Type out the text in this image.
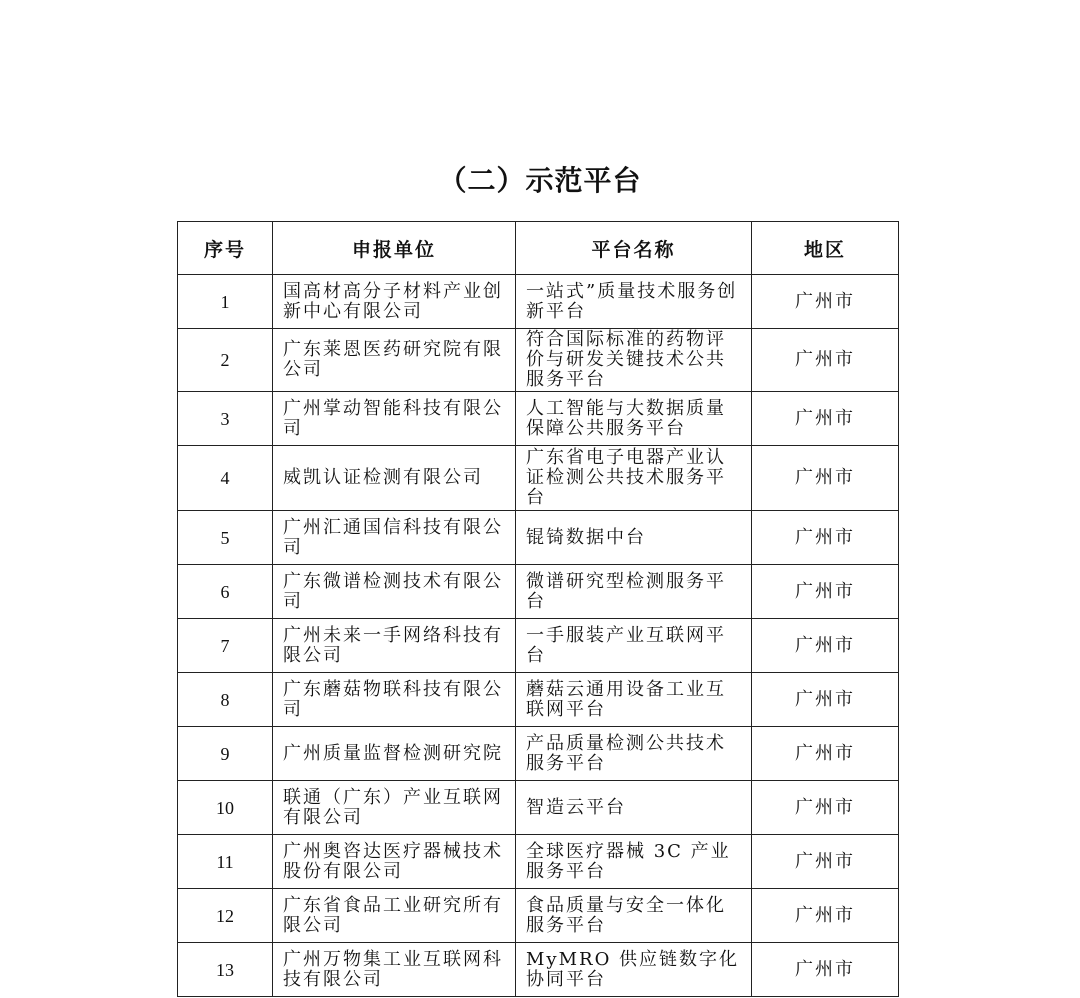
（二）示范平台
序号	申报单位	平台名称	地区

1	国高材高分子材料产业创新中心有限公司	一站式”质量技术服务创新平台	广州市

2	广东莱恩医药研究院有限公司	符合国际标准的药物评价与研发关键技术公共服务平台	广州市

3	广州掌动智能科技有限公司	人工智能与大数据质量保障公共服务平台	广州市

4	威凯认证检测有限公司	广东省电子电器产业认证检测公共技术服务平台	广州市

5	广州汇通国信科技有限公司	锟锜数据中台	广州市

6	广东微谱检测技术有限公司	微谱研究型检测服务平台	广州市

7	广州未来一手网络科技有限公司	一手服装产业互联网平台	广州市

8	广东蘑菇物联科技有限公司	蘑菇云通用设备工业互联网平台	广州市

9	广州质量监督检测研究院	产品质量检测公共技术服务平台	广州市

10	联通（广东）产业互联网有限公司	智造云平台	广州市

11	广州奥咨达医疗器械技术股份有限公司	全球医疗器械 3C 产业服务平台	广州市

12	广东省食品工业研究所有限公司	食品质量与安全一体化服务平台	广州市

13	广州万物集工业互联网科技有限公司	MyMRO 供应链数字化协同平台	广州市
